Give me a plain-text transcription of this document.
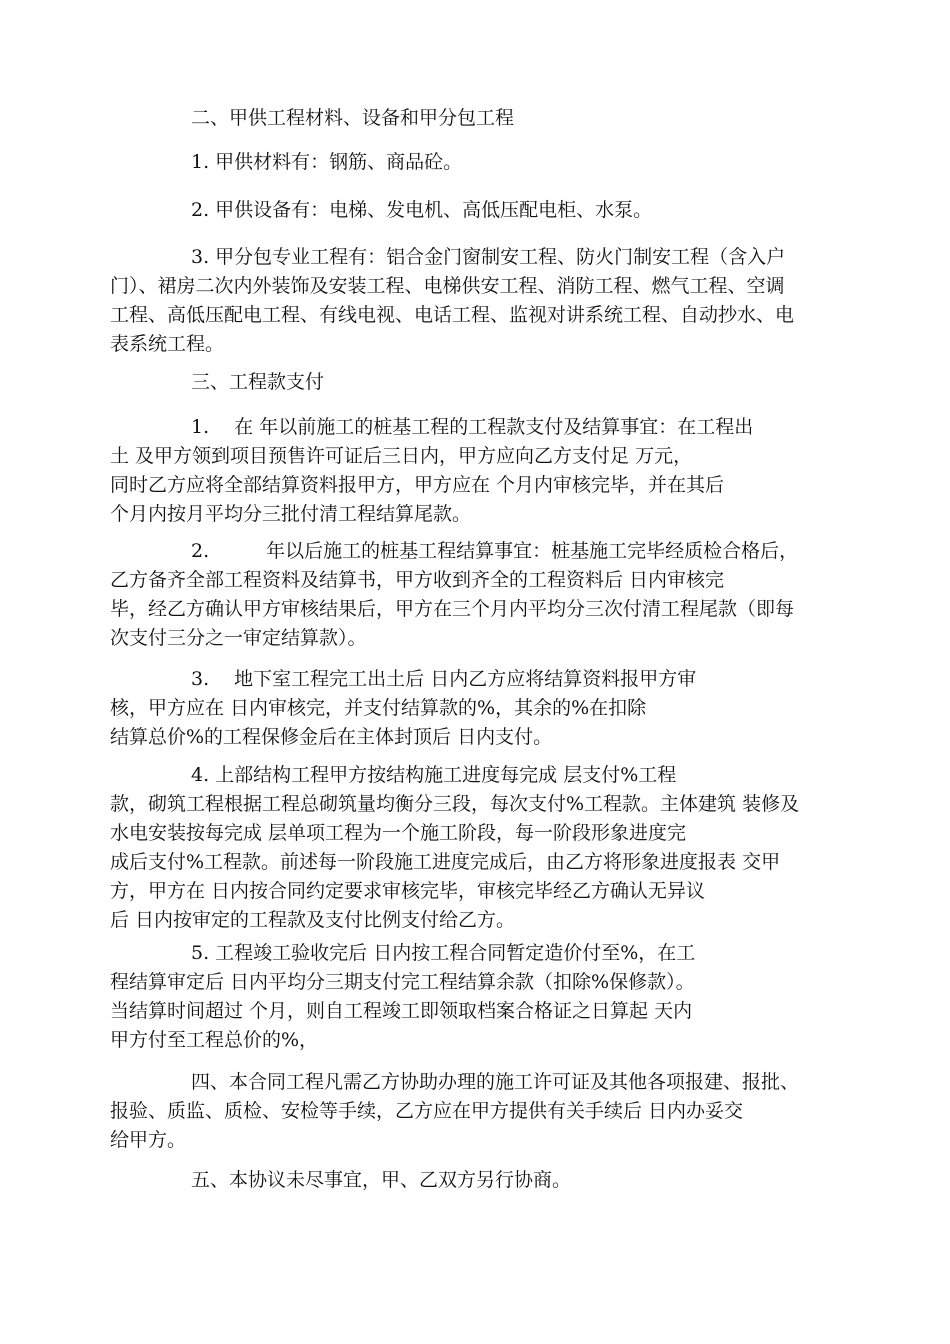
二、甲供工程材料、设备和甲分包工程
1. 甲供材料有：钢筋、商品砼。
2. 甲供设备有：电梯、发电机、高低压配电柜、水泵。
3. 甲分包专业工程有：铝合金门窗制安工程、防火门制安工程（含入户
门）、裙房二次内外装饰及安装工程、电梯供安工程、消防工程、燃气工程、空调
工程、高低压配电工程、有线电视、电话工程、监视对讲系统工程、自动抄水、电
表系统工程。
三、工程款支付
1.　 在 年以前施工的桩基工程的工程款支付及结算事宜：在工程出
土 及甲方领到项目预售许可证后三日内，甲方应向乙方支付足 万元，
同时乙方应将全部结算资料报甲方，甲方应在 个月内审核完毕，并在其后
个月内按月平均分三批付清工程结算尾款。
2.　　　年以后施工的桩基工程结算事宜：桩基施工完毕经质检合格后，
乙方备齐全部工程资料及结算书，甲方收到齐全的工程资料后 日内审核完
毕，经乙方确认甲方审核结果后，甲方在三个月内平均分三次付清工程尾款（即每
次支付三分之一审定结算款）。
3.　 地下室工程完工出土后 日内乙方应将结算资料报甲方审
核，甲方应在 日内审核完，并支付结算款的%，其余的%在扣除
结算总价%的工程保修金后在主体封顶后 日内支付。
4. 上部结构工程甲方按结构施工进度每完成 层支付%工程
款，砌筑工程根据工程总砌筑量均衡分三段，每次支付%工程款。主体建筑 装修及
水电安装按每完成 层单项工程为一个施工阶段，每一阶段形象进度完
成后支付%工程款。前述每一阶段施工进度完成后，由乙方将形象进度报表 交甲
方，甲方在 日内按合同约定要求审核完毕，审核完毕经乙方确认无异议
后 日内按审定的工程款及支付比例支付给乙方。
5. 工程竣工验收完后 日内按工程合同暂定造价付至%，在工
程结算审定后 日内平均分三期支付完工程结算余款（扣除%保修款）。
当结算时间超过 个月，则自工程竣工即领取档案合格证之日算起 天内
甲方付至工程总价的%，
四、本合同工程凡需乙方协助办理的施工许可证及其他各项报建、报批、
报验、质监、质检、安检等手续，乙方应在甲方提供有关手续后 日内办妥交
给甲方。
五、本协议未尽事宜，甲、乙双方另行协商。
